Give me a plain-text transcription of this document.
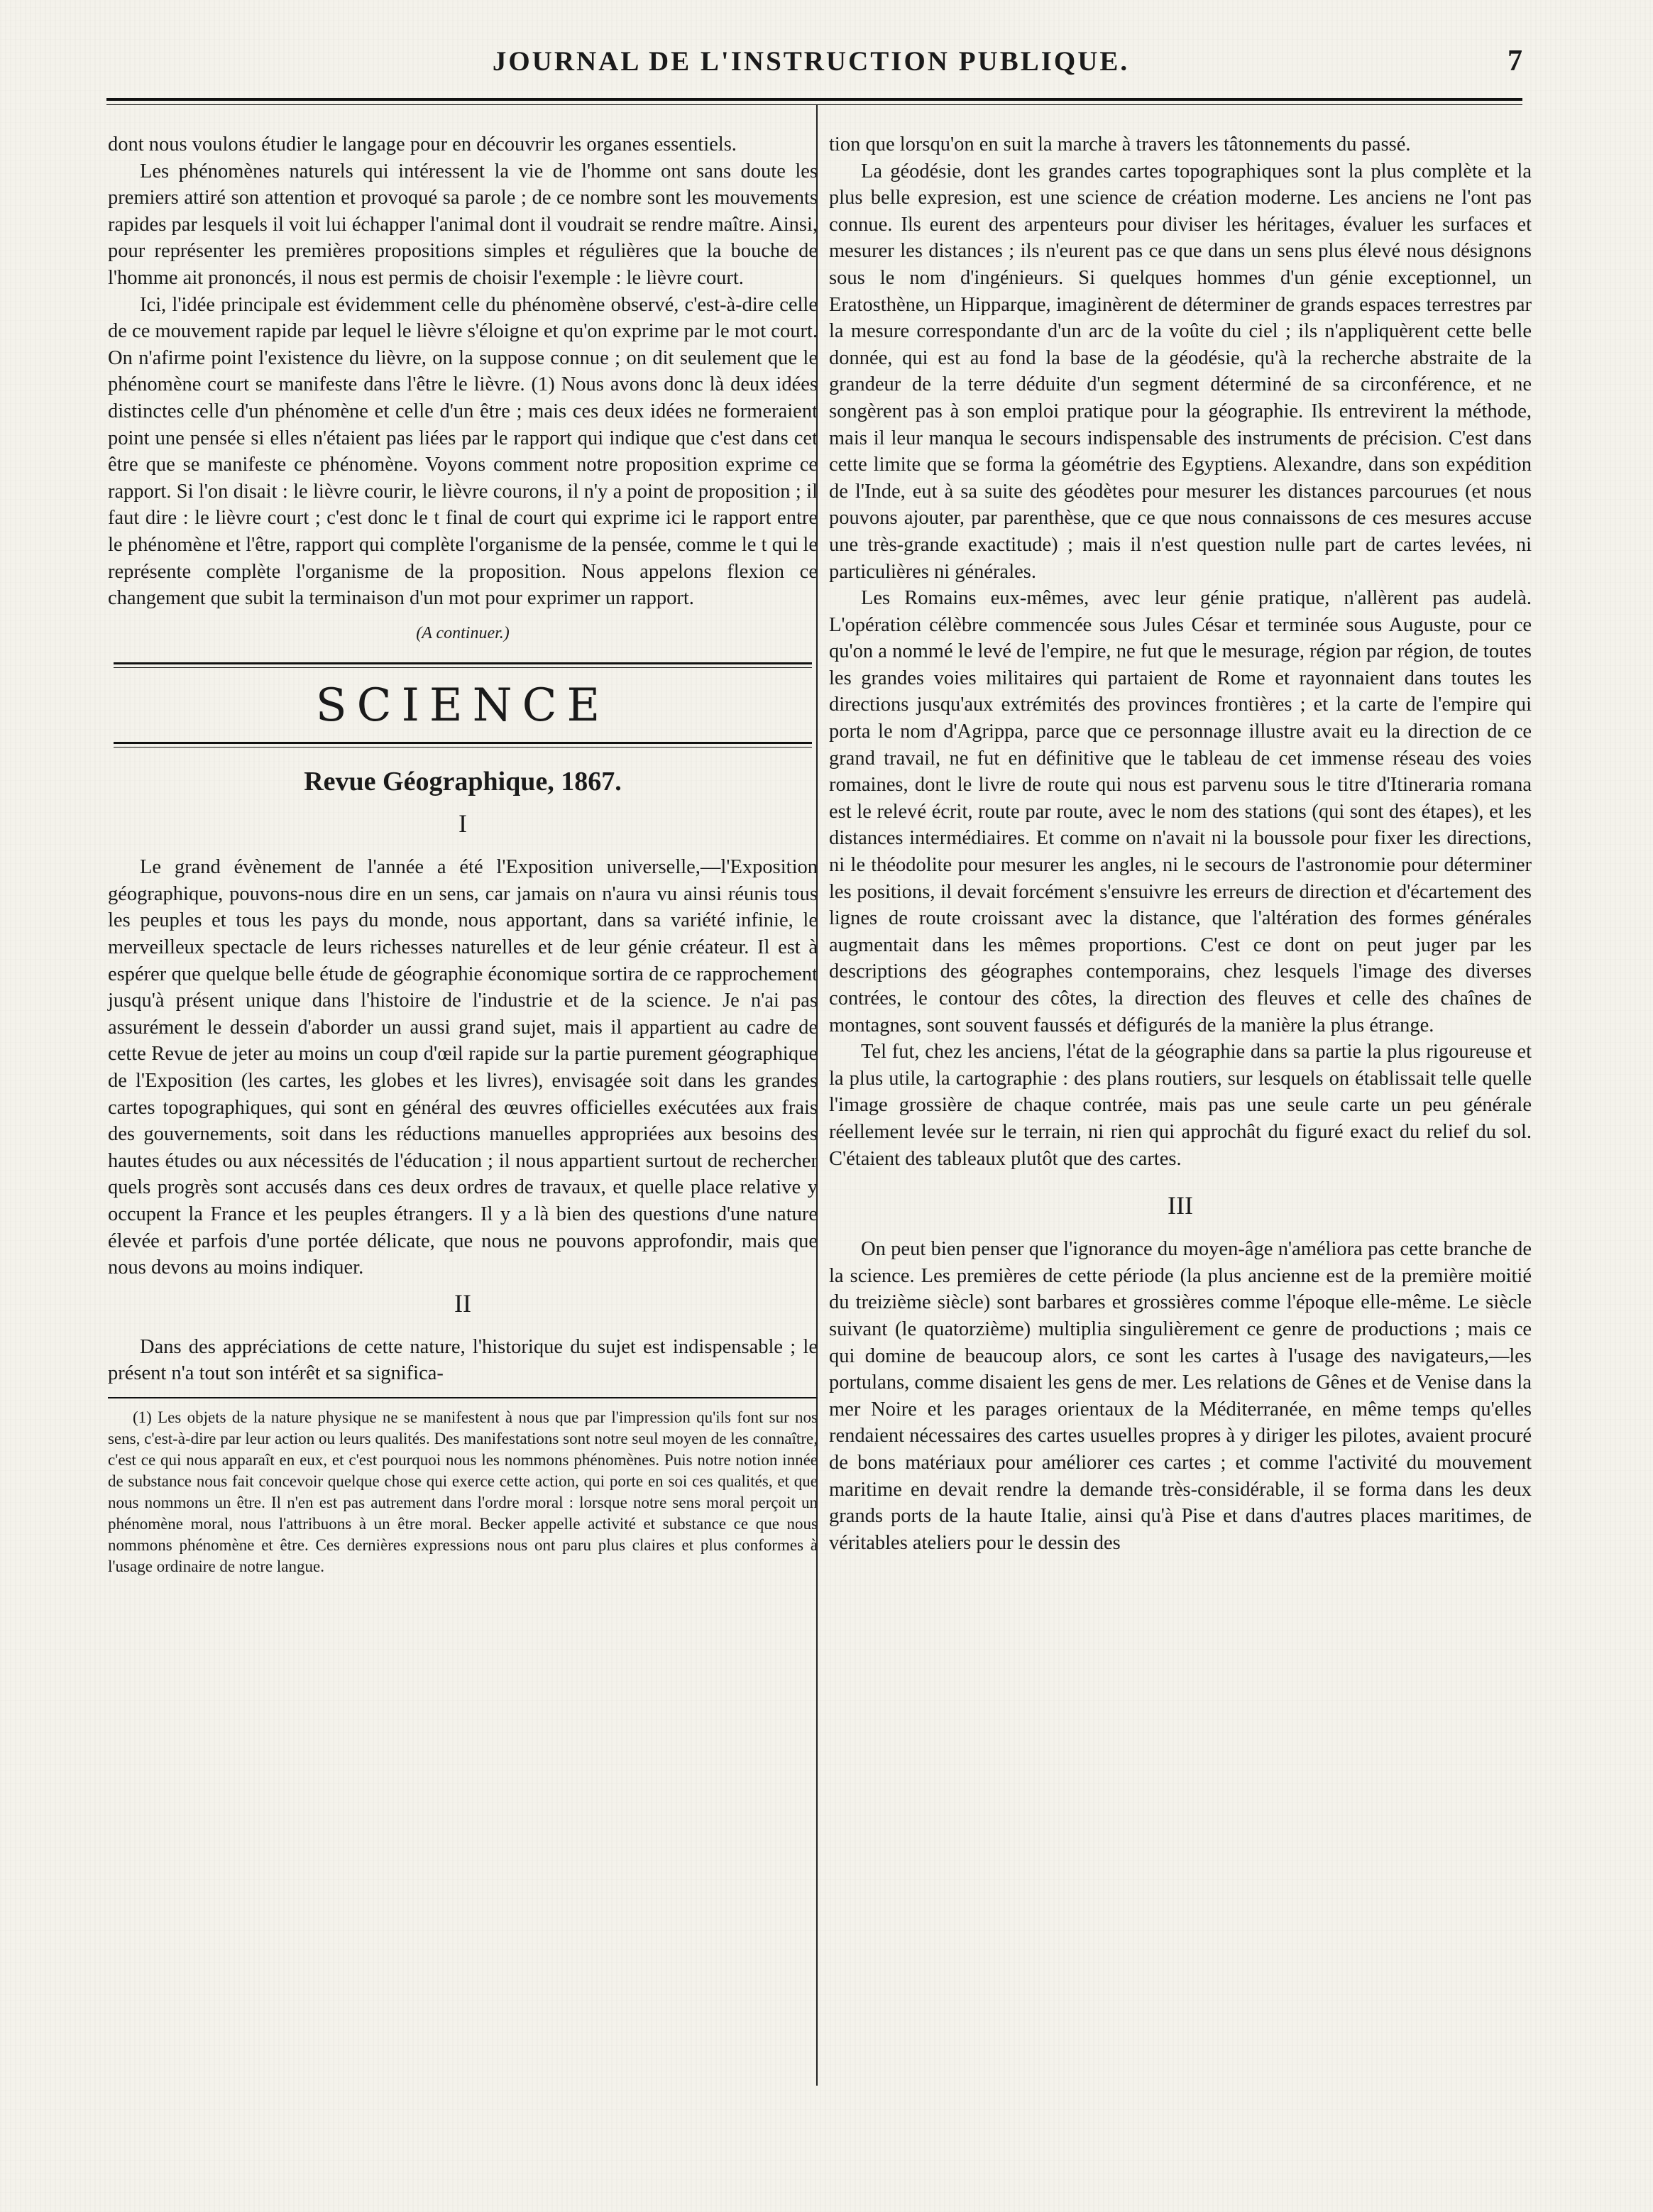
JOURNAL DE L'INSTRUCTION PUBLIQUE.	7

dont nous voulons étudier le langage pour en découvrir les organes essentiels.

Les phénomènes naturels qui intéressent la vie de l'homme ont sans doute les premiers attiré son attention et provoqué sa parole ; de ce nombre sont les mouvements rapides par lesquels il voit lui échapper l'animal dont il voudrait se rendre maître. Ainsi, pour représenter les premières propositions simples et régulières que la bouche de l'homme ait prononcés, il nous est permis de choisir l'exemple : le lièvre court.

Ici, l'idée principale est évidemment celle du phénomène observé, c'est-à-dire celle de ce mouvement rapide par lequel le lièvre s'éloigne et qu'on exprime par le mot court. On n'afirme point l'existence du lièvre, on la suppose connue ; on dit seulement que le phénomène court se manifeste dans l'être le lièvre. (1) Nous avons donc là deux idées distinctes celle d'un phénomène et celle d'un être ; mais ces deux idées ne formeraient point une pensée si elles n'étaient pas liées par le rapport qui indique que c'est dans cet être que se manifeste ce phénomène. Voyons comment notre proposition exprime ce rapport. Si l'on disait : le lièvre courir, le lièvre courons, il n'y a point de proposition ; il faut dire : le lièvre court ; c'est donc le t final de court qui exprime ici le rapport entre le phénomène et l'être, rapport qui complète l'organisme de la pensée, comme le t qui le représente complète l'organisme de la proposition. Nous appelons flexion ce changement que subit la terminaison d'un mot pour exprimer un rapport.

(A continuer.)
SCIENCE
Revue Géographique, 1867.
I

Le grand évènement de l'année a été l'Exposition universelle,—l'Exposition géographique, pouvons-nous dire en un sens, car jamais on n'aura vu ainsi réunis tous les peuples et tous les pays du monde, nous apportant, dans sa variété infinie, le merveilleux spectacle de leurs richesses naturelles et de leur génie créateur. Il est à espérer que quelque belle étude de géographie économique sortira de ce rapprochement jusqu'à présent unique dans l'histoire de l'industrie et de la science. Je n'ai pas assurément le dessein d'aborder un aussi grand sujet, mais il appartient au cadre de cette Revue de jeter au moins un coup d'œil rapide sur la partie purement géographique de l'Exposition (les cartes, les globes et les livres), envisagée soit dans les grandes cartes topographiques, qui sont en général des œuvres officielles exécutées aux frais des gouvernements, soit dans les réductions manuelles appropriées aux besoins des hautes études ou aux nécessités de l'éducation ; il nous appartient surtout de rechercher quels progrès sont accusés dans ces deux ordres de travaux, et quelle place relative y occupent la France et les peuples étrangers. Il y a là bien des questions d'une nature élevée et parfois d'une portée délicate, que nous ne pouvons approfondir, mais que nous devons au moins indiquer.

II

Dans des appréciations de cette nature, l'historique du sujet est indispensable ; le présent n'a tout son intérêt et sa significa-

(1) Les objets de la nature physique ne se manifestent à nous que par l'impression qu'ils font sur nos sens, c'est-à-dire par leur action ou leurs qualités. Des manifestations sont notre seul moyen de les connaître, c'est ce qui nous apparaît en eux, et c'est pourquoi nous les nommons phénomènes. Puis notre notion innée de substance nous fait concevoir quelque chose qui exerce cette action, qui porte en soi ces qualités, et que nous nommons un être. Il n'en est pas autrement dans l'ordre moral : lorsque notre sens moral perçoit un phénomène moral, nous l'attribuons à un être moral. Becker appelle activité et substance ce que nous nommons phénomène et être. Ces dernières expressions nous ont paru plus claires et plus conformes à l'usage ordinaire de notre langue.

tion que lorsqu'on en suit la marche à travers les tâtonnements du passé.

La géodésie, dont les grandes cartes topographiques sont la plus complète et la plus belle expresion, est une science de création moderne. Les anciens ne l'ont pas connue. Ils eurent des arpenteurs pour diviser les héritages, évaluer les surfaces et mesurer les distances ; ils n'eurent pas ce que dans un sens plus élevé nous désignons sous le nom d'ingénieurs. Si quelques hommes d'un génie exceptionnel, un Eratosthène, un Hipparque, imaginèrent de déterminer de grands espaces terrestres par la mesure correspondante d'un arc de la voûte du ciel ; ils n'appliquèrent cette belle donnée, qui est au fond la base de la géodésie, qu'à la recherche abstraite de la grandeur de la terre déduite d'un segment déterminé de sa circonférence, et ne songèrent pas à son emploi pratique pour la géographie. Ils entrevirent la méthode, mais il leur manqua le secours indispensable des instruments de précision. C'est dans cette limite que se forma la géométrie des Egyptiens. Alexandre, dans son expédition de l'Inde, eut à sa suite des géodètes pour mesurer les distances parcourues (et nous pouvons ajouter, par parenthèse, que ce que nous connaissons de ces mesures accuse une très-grande exactitude) ; mais il n'est question nulle part de cartes levées, ni particulières ni générales.

Les Romains eux-mêmes, avec leur génie pratique, n'allèrent pas audelà. L'opération célèbre commencée sous Jules César et terminée sous Auguste, pour ce qu'on a nommé le levé de l'empire, ne fut que le mesurage, région par région, de toutes les grandes voies militaires qui partaient de Rome et rayonnaient dans toutes les directions jusqu'aux extrémités des provinces frontières ; et la carte de l'empire qui porta le nom d'Agrippa, parce que ce personnage illustre avait eu la direction de ce grand travail, ne fut en définitive que le tableau de cet immense réseau des voies romaines, dont le livre de route qui nous est parvenu sous le titre d'Itineraria romana est le relevé écrit, route par route, avec le nom des stations (qui sont des étapes), et les distances intermédiaires. Et comme on n'avait ni la boussole pour fixer les directions, ni le théodolite pour mesurer les angles, ni le secours de l'astronomie pour déterminer les positions, il devait forcément s'ensuivre les erreurs de direction et d'écartement des lignes de route croissant avec la distance, que l'altération des formes générales augmentait dans les mêmes proportions. C'est ce dont on peut juger par les descriptions des géographes contemporains, chez lesquels l'image des diverses contrées, le contour des côtes, la direction des fleuves et celle des chaînes de montagnes, sont souvent faussés et défigurés de la manière la plus étrange.

Tel fut, chez les anciens, l'état de la géographie dans sa partie la plus rigoureuse et la plus utile, la cartographie : des plans routiers, sur lesquels on établissait telle quelle l'image grossière de chaque contrée, mais pas une seule carte un peu générale réellement levée sur le terrain, ni rien qui approchât du figuré exact du relief du sol. C'étaient des tableaux plutôt que des cartes.

III

On peut bien penser que l'ignorance du moyen-âge n'améliora pas cette branche de la science. Les premières de cette période (la plus ancienne est de la première moitié du treizième siècle) sont barbares et grossières comme l'époque elle-même. Le siècle suivant (le quatorzième) multiplia singulièrement ce genre de productions ; mais ce qui domine de beaucoup alors, ce sont les cartes à l'usage des navigateurs,—les portulans, comme disaient les gens de mer. Les relations de Gênes et de Venise dans la mer Noire et les parages orientaux de la Méditerranée, en même temps qu'elles rendaient nécessaires des cartes usuelles propres à y diriger les pilotes, avaient procuré de bons matériaux pour améliorer ces cartes ; et comme l'activité du mouvement maritime en devait rendre la demande très-considérable, il se forma dans les deux grands ports de la haute Italie, ainsi qu'à Pise et dans d'autres places maritimes, de véritables ateliers pour le dessin des
